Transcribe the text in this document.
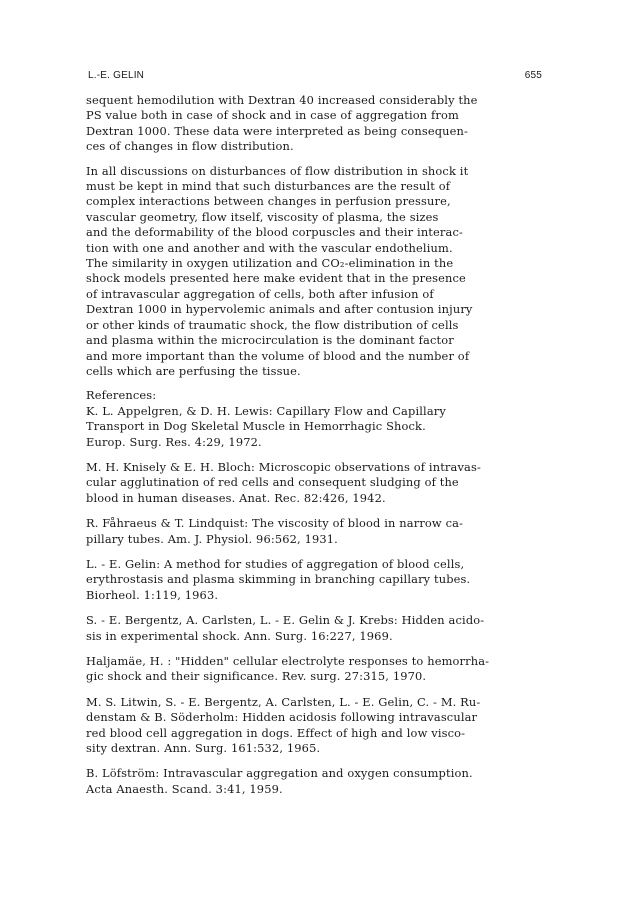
L.-E. GELIN	655
sequent hemodilution with Dextran 40 increased considerably the
PS value both in case of shock and in case of aggregation from
Dextran 1000. These data were interpreted as being consequen-
ces of changes in flow distribution.
In all discussions on disturbances of flow distribution in shock it
must be kept in mind that such disturbances are the result of
complex interactions between changes in perfusion pressure,
vascular geometry, flow itself, viscosity of plasma, the sizes
and the deformability of the blood corpuscles and their interac-
tion with one and another and with the vascular endothelium.
The similarity in oxygen utilization and CO₂-elimination in the
shock models presented here make evident that in the presence
of intravascular aggregation of cells, both after infusion of
Dextran 1000 in hypervolemic animals and after contusion injury
or other kinds of traumatic shock, the flow distribution of cells
and plasma within the microcirculation is the dominant factor
and more important than the volume of blood and the number of
cells which are perfusing the tissue.
References:
K. L. Appelgren, & D. H. Lewis: Capillary Flow and Capillary
Transport in Dog Skeletal Muscle in Hemorrhagic Shock.
Europ. Surg. Res. 4:29, 1972.
M. H. Knisely & E. H. Bloch: Microscopic observations of intravas-
cular agglutination of red cells and consequent sludging of the
blood in human diseases. Anat. Rec. 82:426, 1942.
R. Fåhraeus & T. Lindquist: The viscosity of blood in narrow ca-
pillary tubes. Am. J. Physiol. 96:562, 1931.
L. - E. Gelin: A method for studies of aggregation of blood cells,
erythrostasis and plasma skimming in branching capillary tubes.
Biorheol. 1:119, 1963.
S. - E. Bergentz, A. Carlsten, L. - E. Gelin & J. Krebs: Hidden acido-
sis in experimental shock. Ann. Surg. 16:227, 1969.
Haljamäe, H. : "Hidden" cellular electrolyte responses to hemorrha-
gic shock and their significance. Rev. surg. 27:315, 1970.
M. S. Litwin, S. - E. Bergentz, A. Carlsten, L. - E. Gelin, C. - M. Ru-
denstam & B. Söderholm: Hidden acidosis following intravascular
red blood cell aggregation in dogs. Effect of high and low visco-
sity dextran. Ann. Surg. 161:532, 1965.
B. Löfström: Intravascular aggregation and oxygen consumption.
Acta Anaesth. Scand. 3:41, 1959.
